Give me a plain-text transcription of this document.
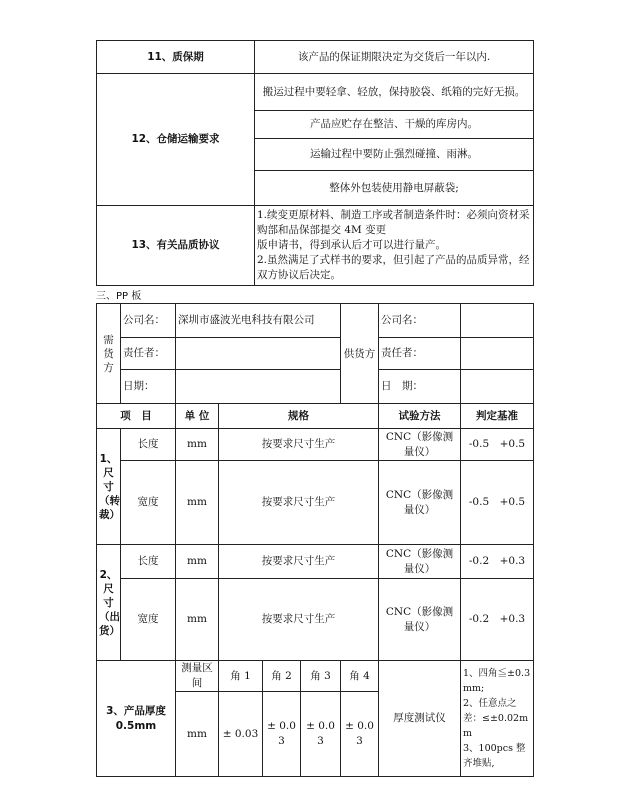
11、质保期	该产品的保证期限决定为交货后一年以内.
12、仓储运输要求	搬运过程中要轻拿、轻放，保持胶袋、纸箱的完好无损。
	产品应贮存在整洁、干燥的库房内。
	运输过程中要防止强烈碰撞、雨淋。
	整体外包装使用静电屏蔽袋;
13、有关品质协议	1.续变更原材料、制造工序或者制造条件时：必须向资材采购部和品保部提交 4M 变更
版申请书，得到承认后才可以进行量产。
2.虽然满足了式样书的要求，但引起了产品的品质异常，经双方协议后决定。
三、PP 板
需货方	公司名：	深圳市盛波光电科技有限公司				供货方	公司名：	
	责任者：						责任者：	
	日期：						日　期：	
项　目		单 位	规格				试验方法	判定基准
1、尺寸（转裁）	长度	mm	按要求尺寸生产				CNC（影像测量仪）	-0.5　+0.5
	宽度	mm	按要求尺寸生产				CNC（影像测量仪）	-0.5　+0.5
2、尺寸（出货）	长度	mm	按要求尺寸生产				CNC（影像测量仪）	-0.2　+0.3
	宽度	mm	按要求尺寸生产				CNC（影像测量仪）	-0.2　+0.3
3、产品厚度 0.5mm		测量区间	角 1	角 2	角 3	角 4	厚度测试仪	1、四角≦±0.3mm;
2、任意点之差：≤±0.02mm
3、100pcs 整齐堆贴,
		mm	± 0.03	± 0.03	± 0.03	± 0.03		
